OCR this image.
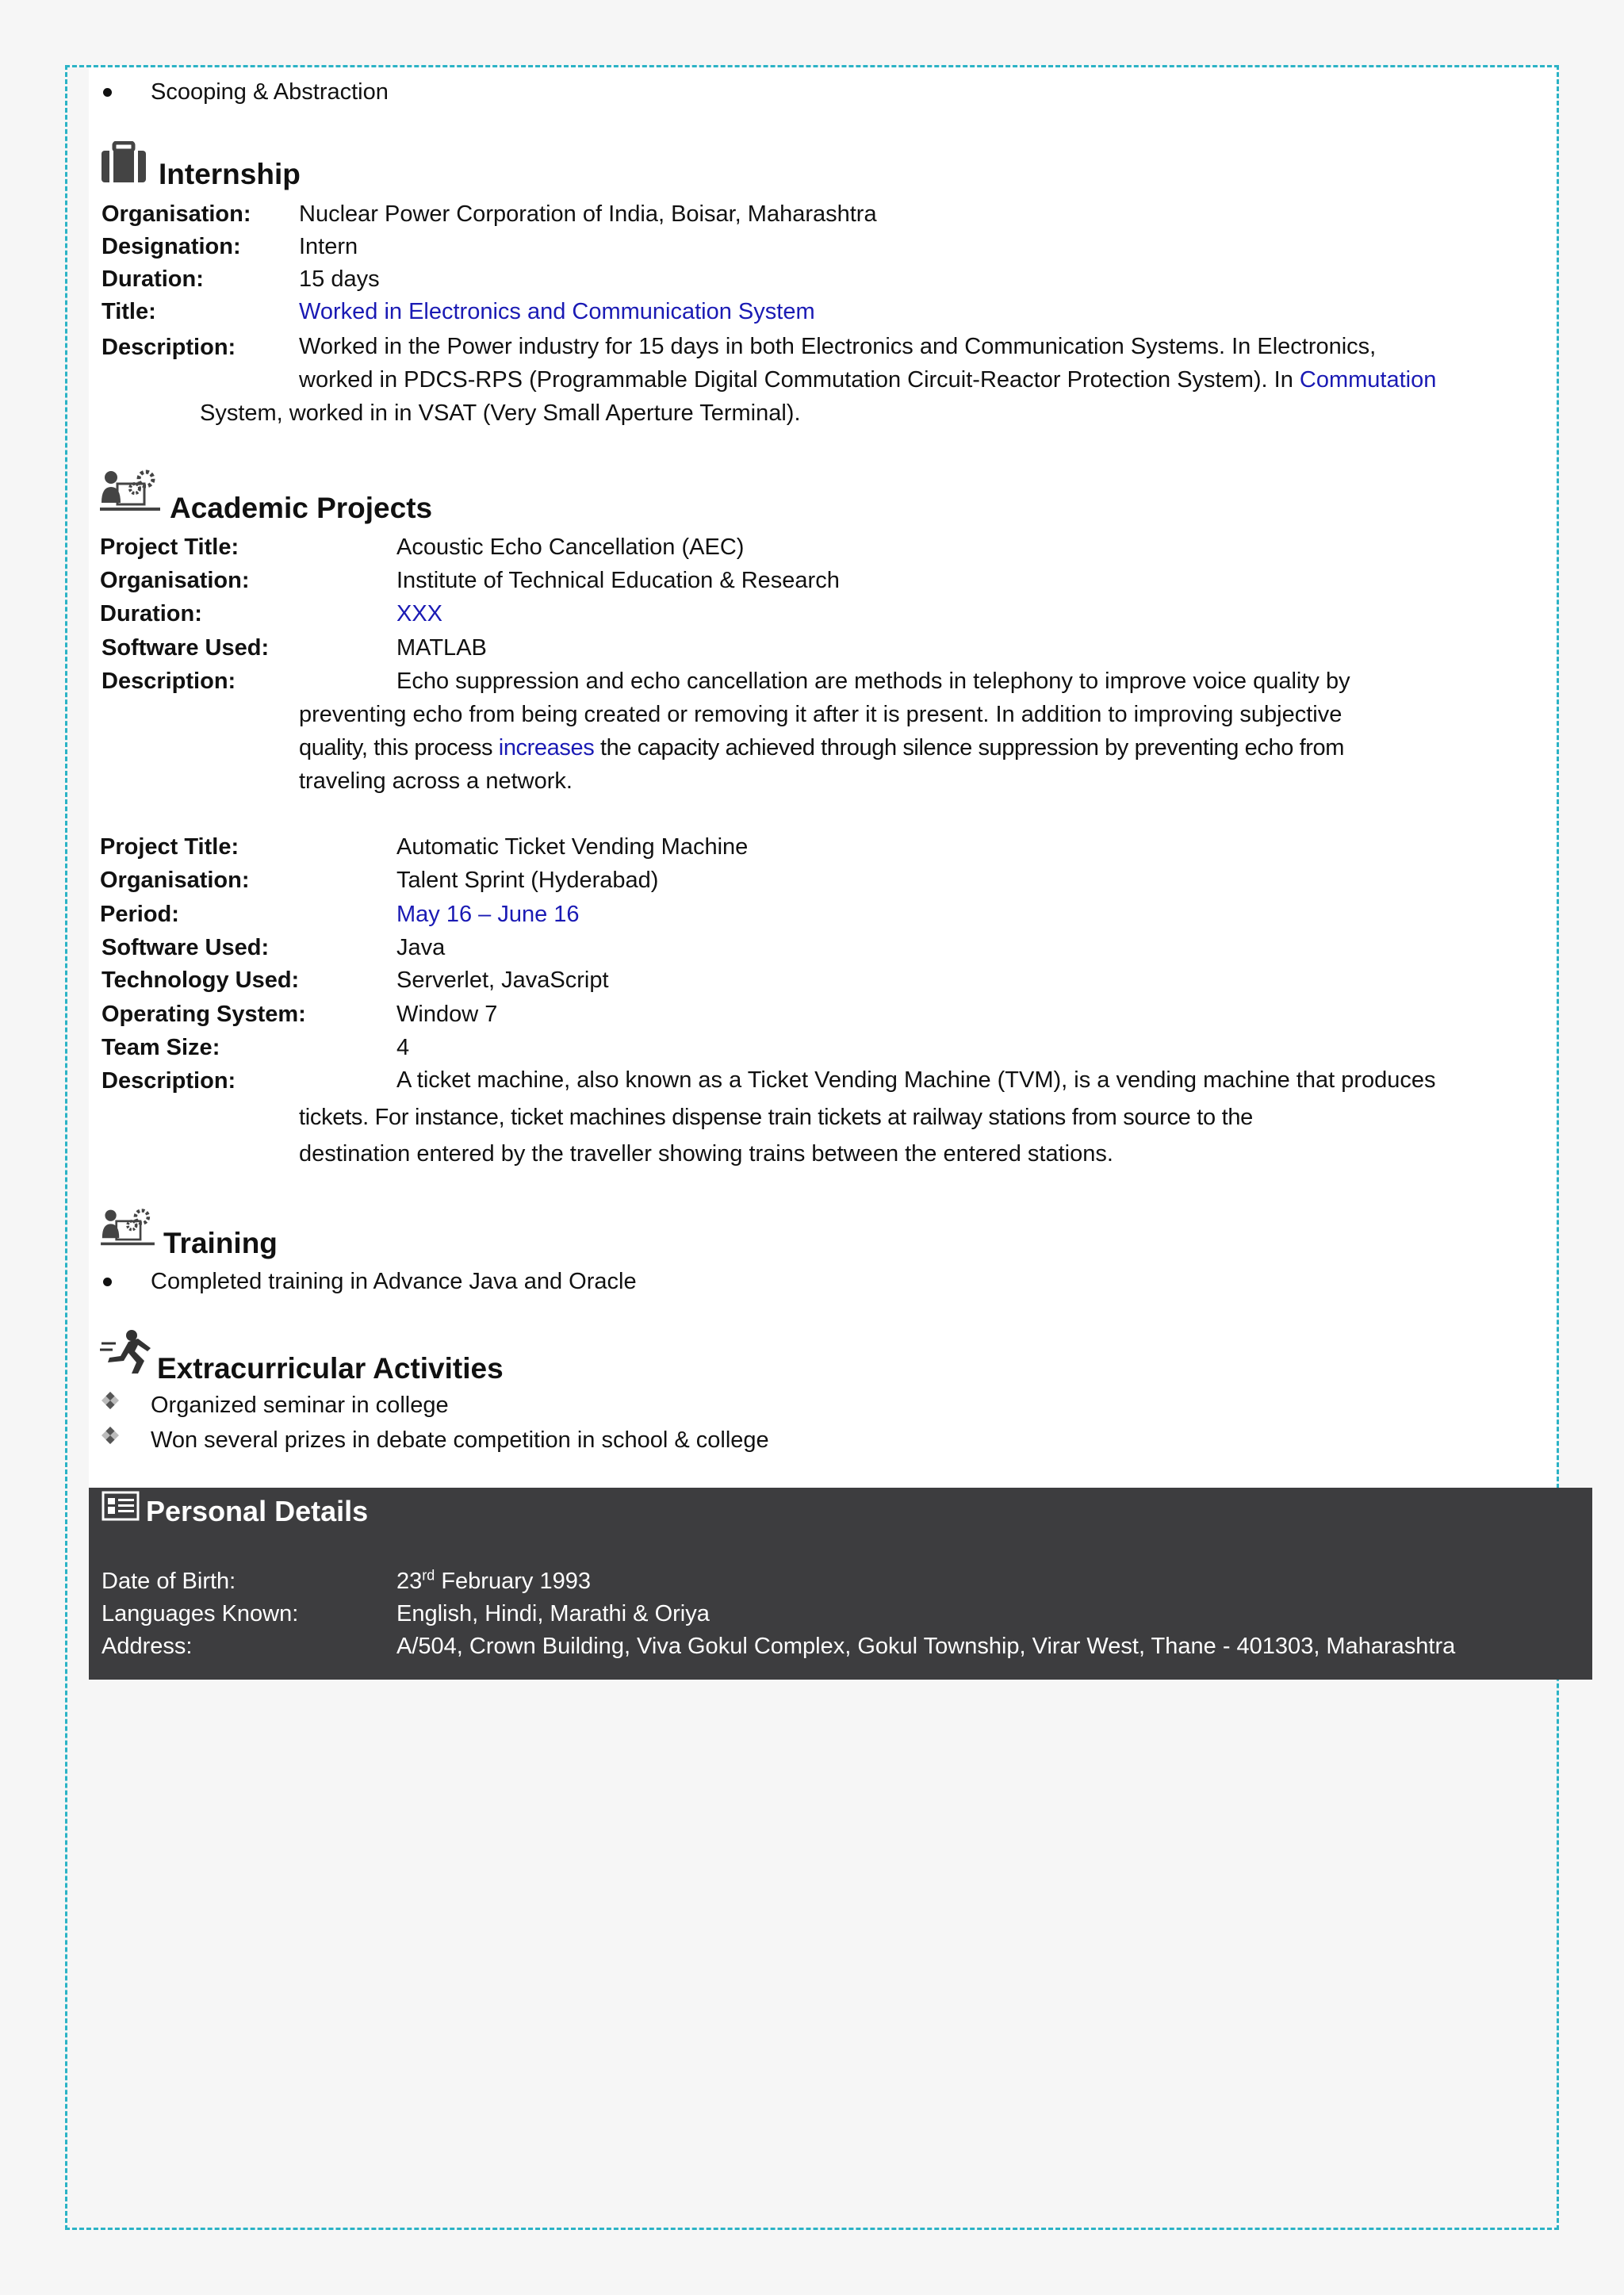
Scooping & Abstraction
Internship
Organisation: Nuclear Power Corporation of India, Boisar, Maharashtra
Designation:	Intern
Duration:	15 days
Title:	Worked in Electronics and Communication System
Description:	Worked in the Power industry for 15 days in both Electronics and Communication Systems. In Electronics,
worked in PDCS-RPS (Programmable Digital Commutation Circuit-Reactor Protection System). In Commutation
System, worked in in VSAT (Very Small Aperture Terminal).
Academic Projects
Project Title:	Acoustic Echo Cancellation (AEC)
Organisation:	Institute of Technical Education & Research
Duration:	XXX
Software Used:	MATLAB
Description:	Echo suppression and echo cancellation are methods in telephony to improve voice quality by
preventing echo from being created or removing it after it is present. In addition to improving subjective
quality, this process increases the capacity achieved through silence suppression by preventing echo from
traveling across a network.
Project Title:	Automatic Ticket Vending Machine
Organisation:	Talent Sprint (Hyderabad)
Period:	May 16 – June 16
Software Used:	Java
Technology Used:	Serverlet, JavaScript
Operating System:	Window 7
Team Size:	4
Description:	A ticket machine, also known as a Ticket Vending Machine (TVM), is a vending machine that produces
tickets. For instance, ticket machines dispense train tickets at railway stations from source to the
destination entered by the traveller showing trains between the entered stations.
Training
Completed training in Advance Java and Oracle
Extracurricular Activities
Organized seminar in college
Won several prizes in debate competition in school & college
Personal Details
Date of Birth:	23rd February 1993
Languages Known:	English, Hindi, Marathi & Oriya
Address:	A/504, Crown Building, Viva Gokul Complex, Gokul Township, Virar West, Thane - 401303, Maharashtra
